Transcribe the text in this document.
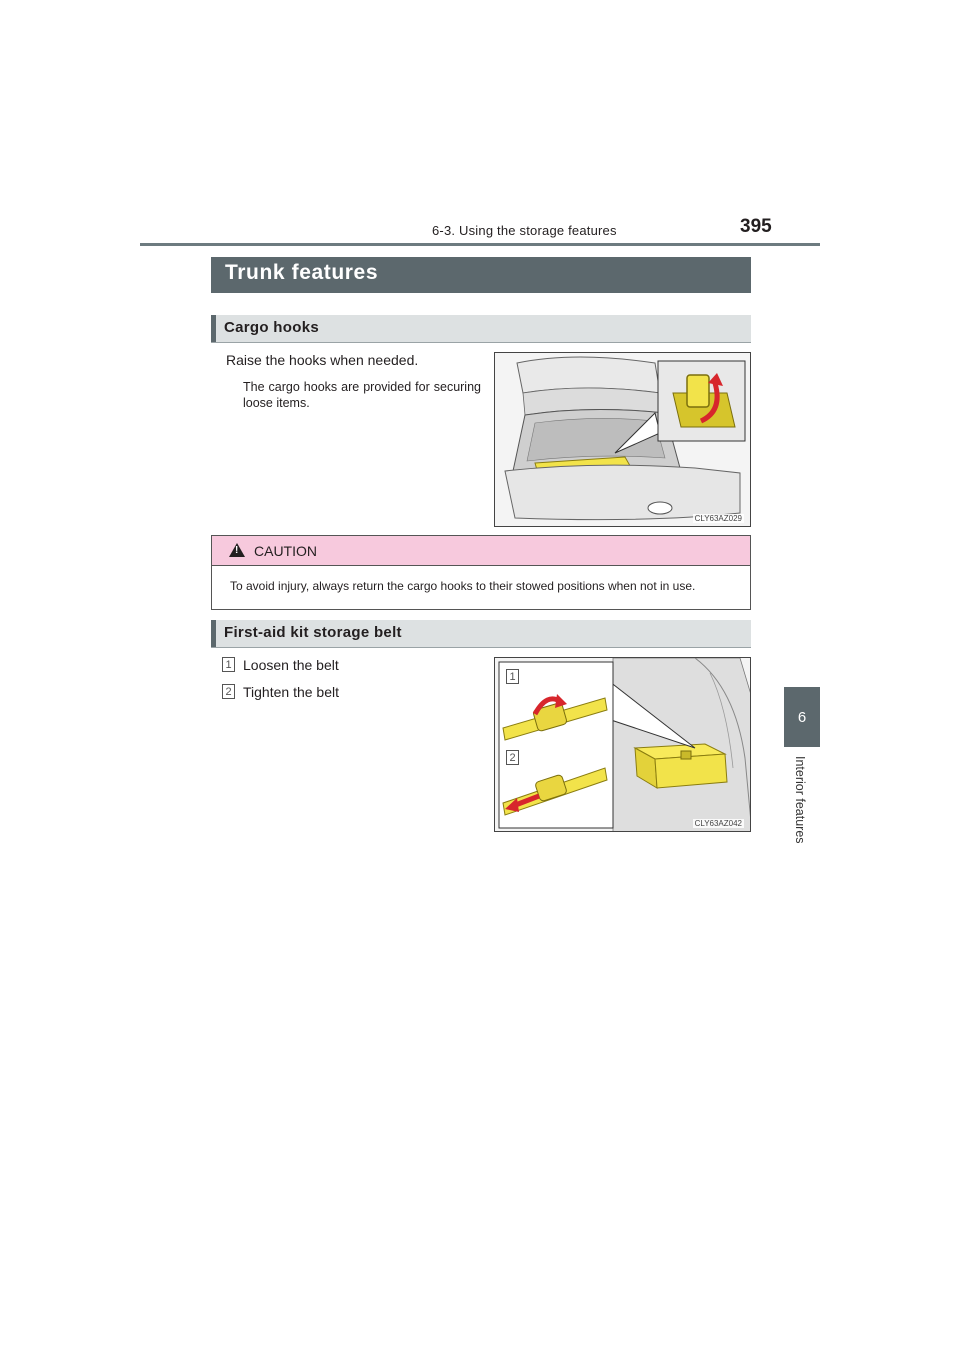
6-3. Using the storage features	395
6
Interior features
Trunk features
Cargo hooks
Raise the hooks when needed.
The cargo hooks are provided for securing loose items.
CLY63AZ029
! CAUTION
To avoid injury, always return the cargo hooks to their stowed positions when not in use.
First-aid kit storage belt
1 Loosen the belt
2 Tighten the belt
1
2
CLY63AZ042
